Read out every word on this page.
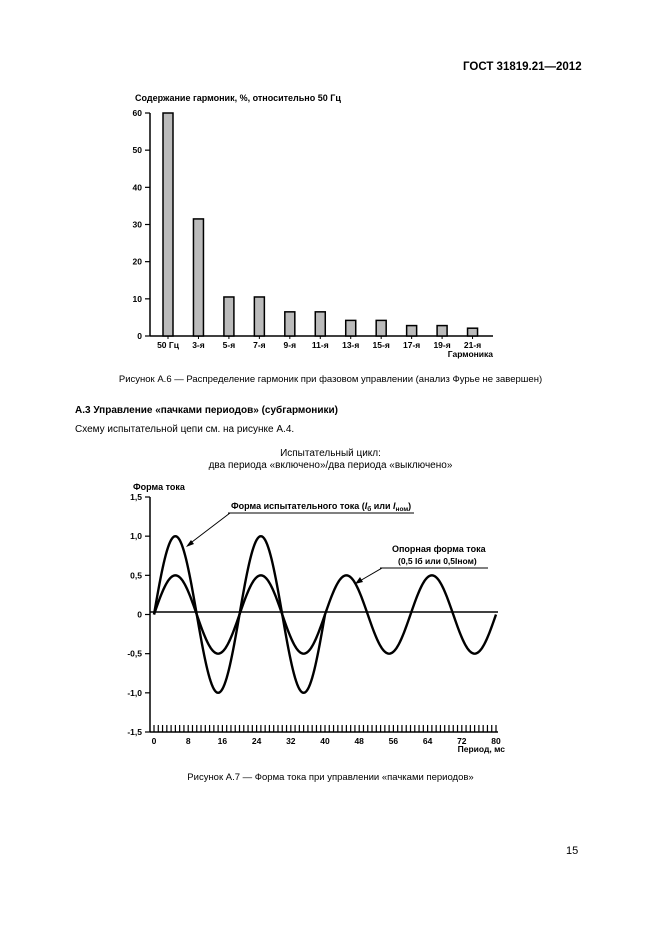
ГОСТ 31819.21—2012
Содержание гармоник, %, относительно 50 Гц
0
10
20
30
40
50
60
50 Гц 3-я 5-я 7-я 9-я 11-я 13-я 15-я 17-я 19-я 21-я
Гармоника
Рисунок А.6 — Распределение гармоник при фазовом управлении (анализ Фурье не завершен)
А.3 Управление «пачками периодов» (субгармоники)
Схему испытательной цепи см. на рисунке А.4.
Испытательный цикл:
два периода «включено»/два периода «выключено»
Форма тока
-1,5
-1,0
-0,5
0
0,5
1,0
1,5
0	8	16	24	32	40	48	56	64	72	80
Период, мс
Форма испытательного тока ($I_б$ или $I_{ном}$)
Опорная форма тока
(0,5 Iб или 0,5Iном)
Рисунок А.7 — Форма тока при управлении «пачками периодов»
15
